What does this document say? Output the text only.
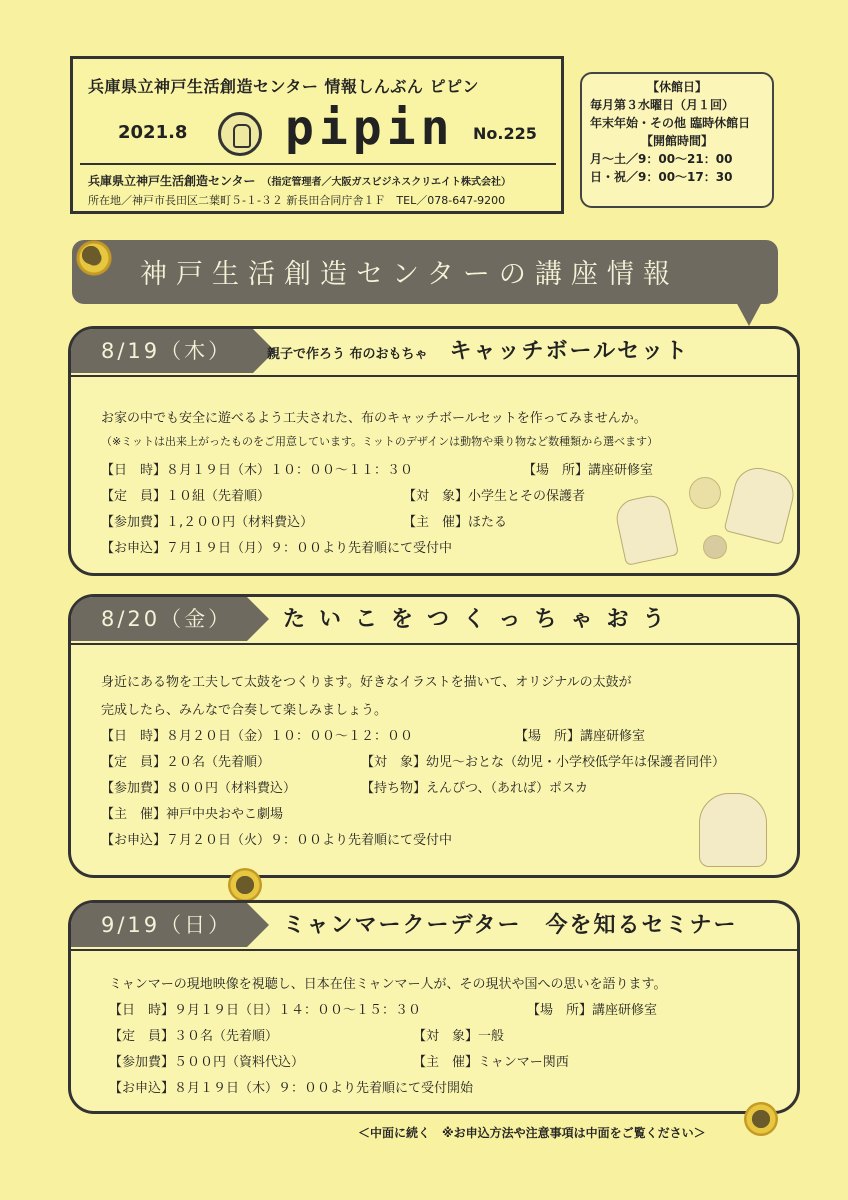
兵庫県立神戸生活創造センター 情報しんぶん ピピン
2021.8 pipin No.225
兵庫県立神戸生活創造センター （指定管理者／大阪ガスビジネスクリエイト株式会社）
所在地／神戸市長田区二葉町５-１-３２ 新長田合同庁舎１Ｆ　TEL／078-647-9200
【休館日】
毎月第３水曜日（月１回）
年末年始・その他 臨時休館日
【開館時間】
月〜土／9：00〜21：00
日・祝／9：00〜17：30
神戸生活創造センターの講座情報
8/19（木）	親子で作ろう 布のおもちゃ キャッチボールセット
お家の中でも安全に遊べるよう工夫された、布のキャッチボールセットを作ってみませんか。
（※ミットは出来上がったものをご用意しています。ミットのデザインは動物や乗り物など数種類から選べます）
【日　時】８月１９日（木）１０：００〜１１：３０	【場　所】講座研修室
【定　員】１０組（先着順）	【対　象】小学生とその保護者
【参加費】１,２００円（材料費込）	【主　催】ほたる
【お申込】７月１９日（月）９：００より先着順にて受付中
8/20（金）	たいこをつくっちゃおう
身近にある物を工夫して太鼓をつくります。好きなイラストを描いて、オリジナルの太鼓が
完成したら、みんなで合奏して楽しみましょう。
【日　時】８月２０日（金）１０：００〜１２：００	【場　所】講座研修室
【定　員】２０名（先着順）	【対　象】幼児〜おとな（幼児・小学校低学年は保護者同伴）
【参加費】８００円（材料費込）	【持ち物】えんぴつ、（あれば）ポスカ
【主　催】神戸中央おやこ劇場
【お申込】７月２０日（火）９：００より先着順にて受付中
9/19（日）	ミャンマークーデター　今を知るセミナー
ミャンマーの現地映像を視聴し、日本在住ミャンマー人が、その現状や国への思いを語ります。
【日　時】９月１９日（日）１４：００〜１５：３０	【場　所】講座研修室
【定　員】３０名（先着順）	【対　象】一般
【参加費】５００円（資料代込）	【主　催】ミャンマー関西
【お申込】８月１９日（木）９：００より先着順にて受付開始
＜中面に続く　※お申込方法や注意事項は中面をご覧ください＞
